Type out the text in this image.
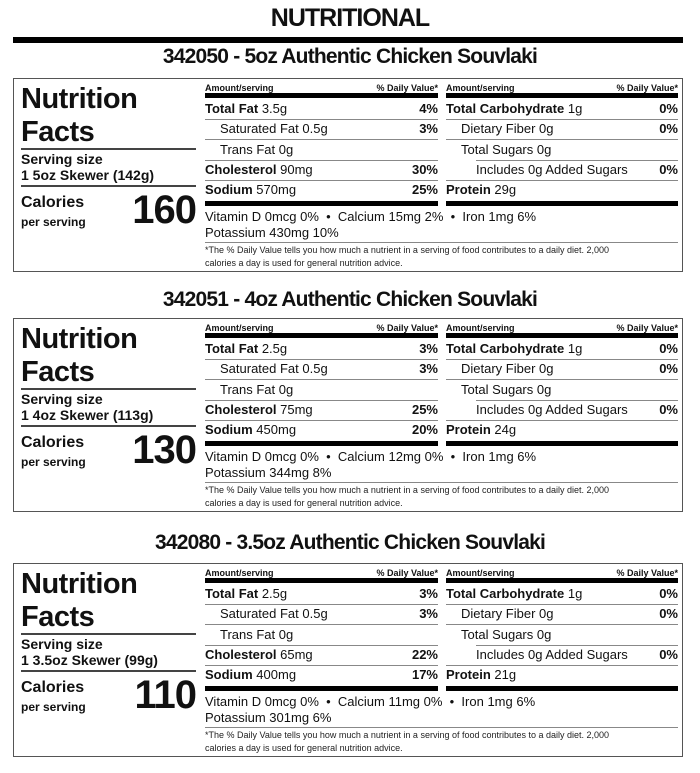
NUTRITIONAL
342050 - 5oz Authentic Chicken Souvlaki
Nutrition
Facts
Serving size
1 5oz Skewer (142g)
Calories
per serving 160
Amount/serving	% Daily Value*
Total Fat 3.5g	4%
Saturated Fat 0.5g	3%
Trans Fat 0g
Cholesterol 90mg	30%
Sodium 570mg	25%
Amount/serving	% Daily Value*
Total Carbohydrate 1g	0%
Dietary Fiber 0g	0%
Total Sugars 0g
Includes 0g Added Sugars 0%
Protein 29g
Vitamin D 0mcg 0%  •  Calcium 15mg 2%  •  Iron 1mg 6%
Potassium 430mg 10%
*The % Daily Value tells you how much a nutrient in a serving of food contributes to a daily diet. 2,000
calories a day is used for general nutrition advice.
342051 - 4oz Authentic Chicken Souvlaki
Nutrition
Facts
Serving size
1 4oz Skewer (113g)
Calories
per serving 130
Amount/serving	% Daily Value*
Total Fat 2.5g	3%
Saturated Fat 0.5g	3%
Trans Fat 0g
Cholesterol 75mg	25%
Sodium 450mg	20%
Amount/serving	% Daily Value*
Total Carbohydrate 1g	0%
Dietary Fiber 0g	0%
Total Sugars 0g
Includes 0g Added Sugars 0%
Protein 24g
Vitamin D 0mcg 0%  •  Calcium 12mg 0%  •  Iron 1mg 6%
Potassium 344mg 8%
*The % Daily Value tells you how much a nutrient in a serving of food contributes to a daily diet. 2,000
calories a day is used for general nutrition advice.
342080 - 3.5oz Authentic Chicken Souvlaki
Nutrition
Facts
Serving size
1 3.5oz Skewer (99g)
Calories
per serving 110
Amount/serving	% Daily Value*
Total Fat 2.5g	3%
Saturated Fat 0.5g	3%
Trans Fat 0g
Cholesterol 65mg	22%
Sodium 400mg	17%
Amount/serving	% Daily Value*
Total Carbohydrate 1g	0%
Dietary Fiber 0g	0%
Total Sugars 0g
Includes 0g Added Sugars 0%
Protein 21g
Vitamin D 0mcg 0%  •  Calcium 11mg 0%  •  Iron 1mg 6%
Potassium 301mg 6%
*The % Daily Value tells you how much a nutrient in a serving of food contributes to a daily diet. 2,000
calories a day is used for general nutrition advice.
